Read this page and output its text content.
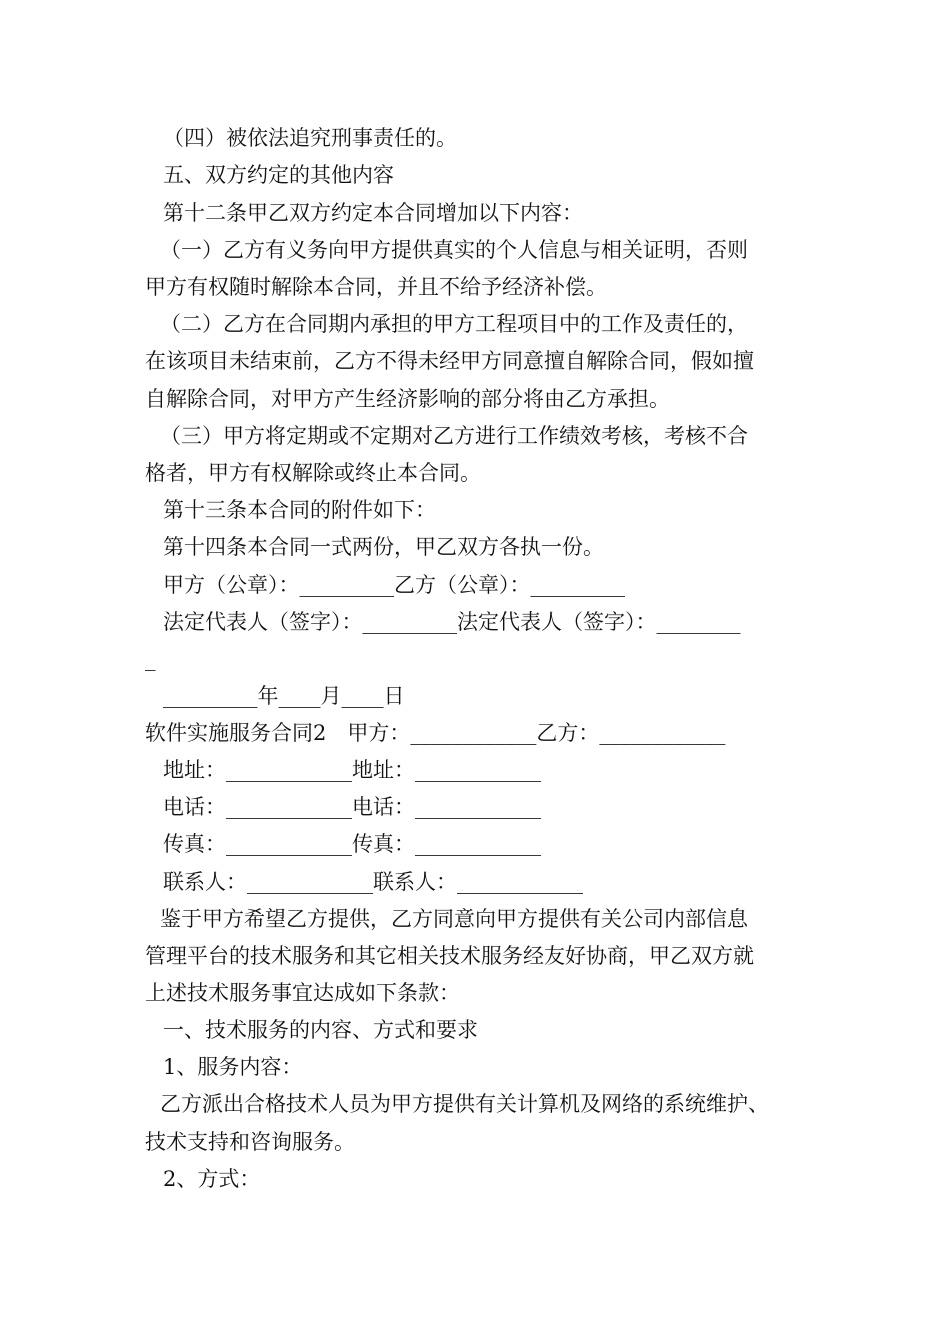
（四）被依法追究刑事责任的。
五、双方约定的其他内容
第十二条甲乙双方约定本合同增加以下内容：
（一）乙方有义务向甲方提供真实的个人信息与相关证明，否则
甲方有权随时解除本合同，并且不给予经济补偿。
（二）乙方在合同期内承担的甲方工程项目中的工作及责任的，
在该项目未结束前，乙方不得未经甲方同意擅自解除合同，假如擅
自解除合同，对甲方产生经济影响的部分将由乙方承担。
（三）甲方将定期或不定期对乙方进行工作绩效考核，考核不合
格者，甲方有权解除或终止本合同。
第十三条本合同的附件如下：
第十四条本合同一式两份，甲乙双方各执一份。
甲方（公章）：_________乙方（公章）：_________
法定代表人（签字）：_________法定代表人（签字）：________
_
_________年____月____日
软件实施服务合同2　甲方：____________乙方：____________
地址：____________地址：____________
电话：____________电话：____________
传真：____________传真：____________
联系人：____________联系人：____________
鉴于甲方希望乙方提供，乙方同意向甲方提供有关公司内部信息
管理平台的技术服务和其它相关技术服务经友好协商，甲乙双方就
上述技术服务事宜达成如下条款：
一、技术服务的内容、方式和要求
1、服务内容：
乙方派出合格技术人员为甲方提供有关计算机及网络的系统维护、
技术支持和咨询服务。
2、方式：
